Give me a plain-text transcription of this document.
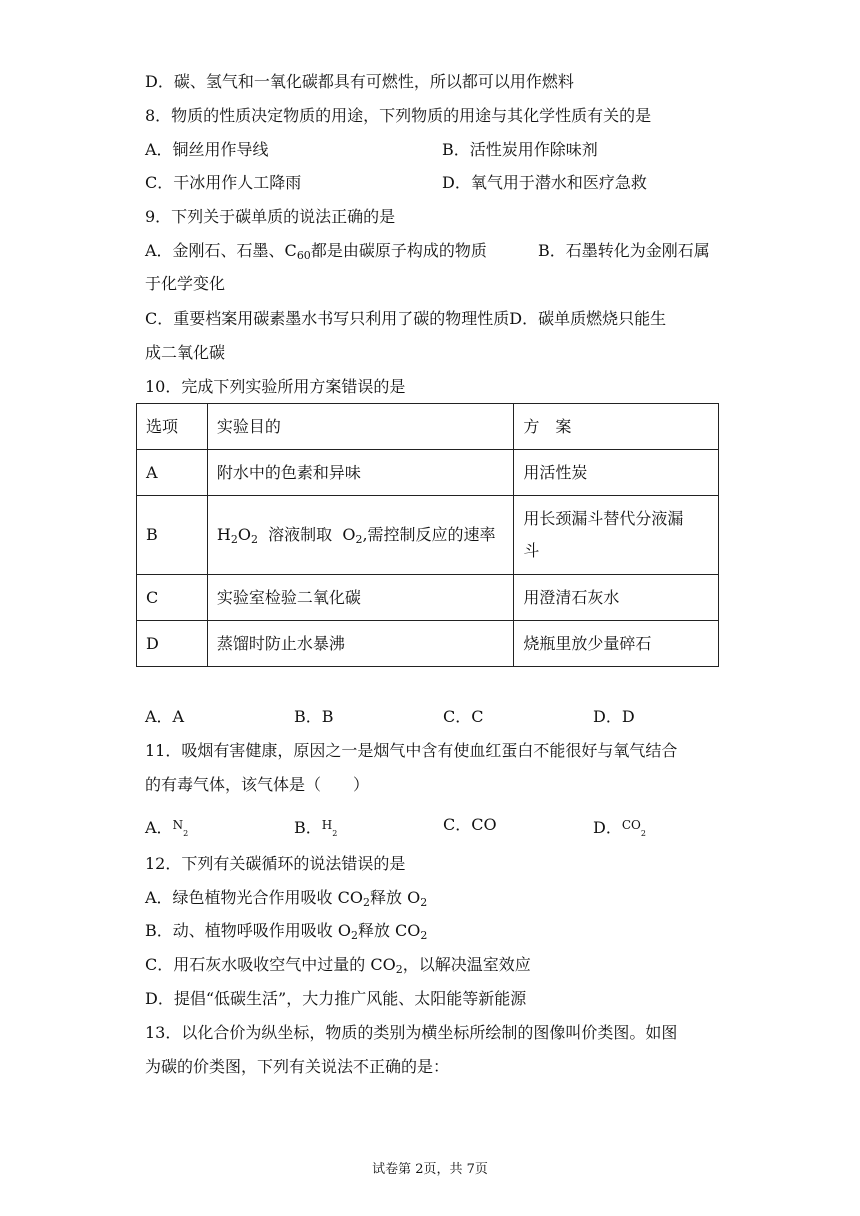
D．碳、氢气和一氧化碳都具有可燃性，所以都可以用作燃料

8．物质的性质决定物质的用途，下列物质的用途与其化学性质有关的是

A．铜丝用作导线	B．活性炭用作除味剂
C．干冰用作人工降雨	D．氧气用于潜水和医疗急救

9．下列关于碳单质的说法正确的是

A．金刚石、石墨、$C_{60}$都是由碳原子构成的物质	B．石墨转化为金刚石属

于化学变化

C．重要档案用碳素墨水书写只利用了碳的物理性质D．碳单质燃烧只能生

成二氧化碳

10．完成下列实验所用方案错误的是

选项	实验目的	方　案
A	附水中的色素和异味	用活性炭
B	$H_2O_2$  溶液制取  $O_2$,需控制反应的速率	用长颈漏斗替代分液漏
斗
C	实验室检验二氧化碳	用澄清石灰水
D	蒸馏时防止水暴沸	烧瓶里放少量碎石
A．A	B．B	C．C	D．D

11．吸烟有害健康，原因之一是烟气中含有使血红蛋白不能很好与氧气结合

的有毒气体，该气体是（　　）

A．$^N_2$	B．$^H_2$	C．CO	D．$^{CO}_2$

12．下列有关碳循环的说法错误的是

A．绿色植物光合作用吸收 $CO_2$释放 $O_2$

B．动、植物呼吸作用吸收 $O_2$释放 $CO_2$

C．用石灰水吸收空气中过量的 $CO_2$，以解决温室效应

D．提倡“低碳生活”，大力推广风能、太阳能等新能源

13．以化合价为纵坐标，物质的类别为横坐标所绘制的图像叫价类图。如图

为碳的价类图，下列有关说法不正确的是：

试卷第 2页，共 7页
